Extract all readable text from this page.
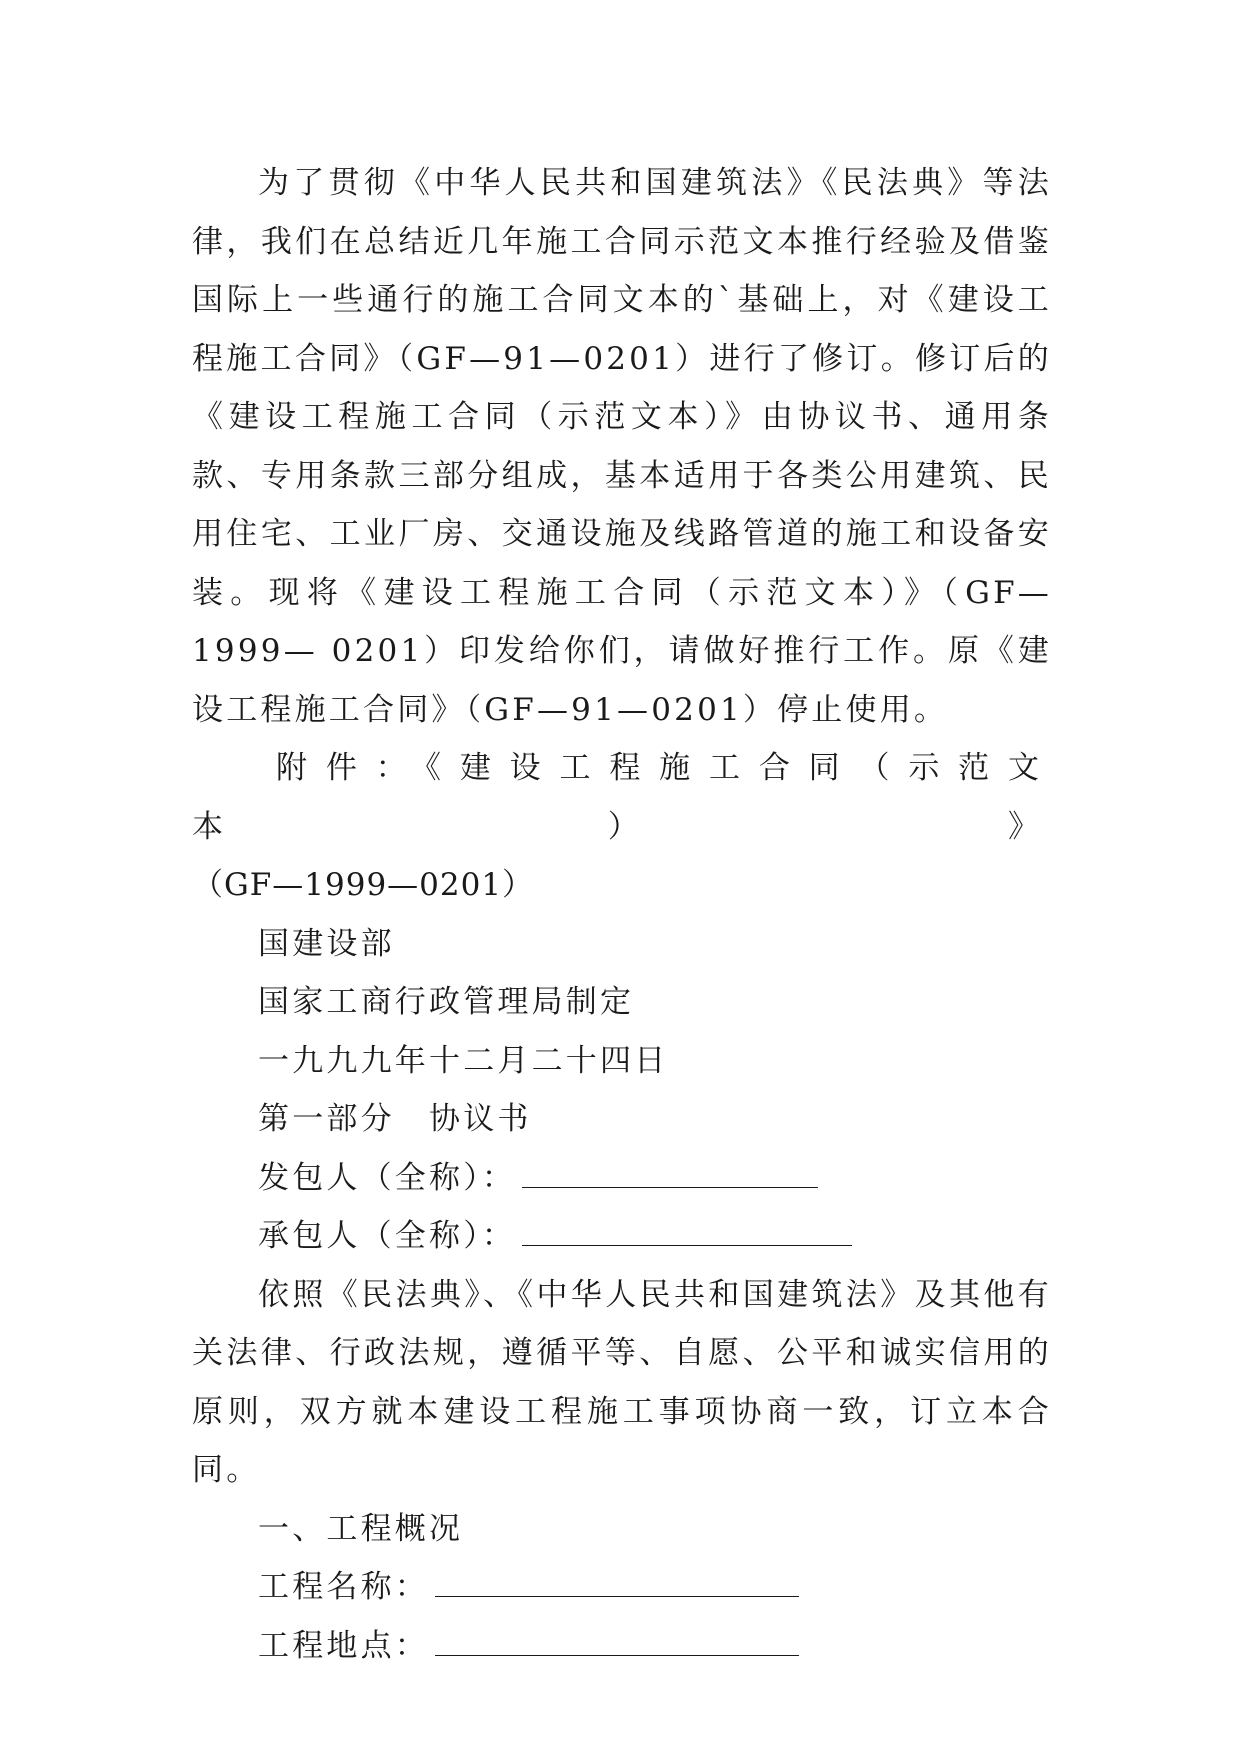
为了贯彻《中华人民共和国建筑法》《民法典》等法律，我们在总结近几年施工合同示范文本推行经验及借鉴国际上一些通行的施工合同文本的`基础上，对《建设工程施工合同》（GF—91—0201）进行了修订。修订后的《建设工程施工合同（示范文本）》由协议书、通用条款、专用条款三部分组成，基本适用于各类公用建筑、民用住宅、工业厂房、交通设施及线路管道的施工和设备安装。现将《建设工程施工合同（示范文本）》（GF—1999— 0201）印发给你们，请做好推行工作。原《建设工程施工合同》（GF—91—0201）停止使用。

附件：《建设工程施工合同（示范文本）》

（GF—1999—0201）

国建设部

国家工商行政管理局制定

一九九九年十二月二十四日

第一部分　协议书

发包人（全称）：

承包人（全称）：

依照《民法典》、《中华人民共和国建筑法》及其他有关法律、行政法规，遵循平等、自愿、公平和诚实信用的原则，双方就本建设工程施工事项协商一致，订立本合同。

一、工程概况

工程名称：

工程地点：
